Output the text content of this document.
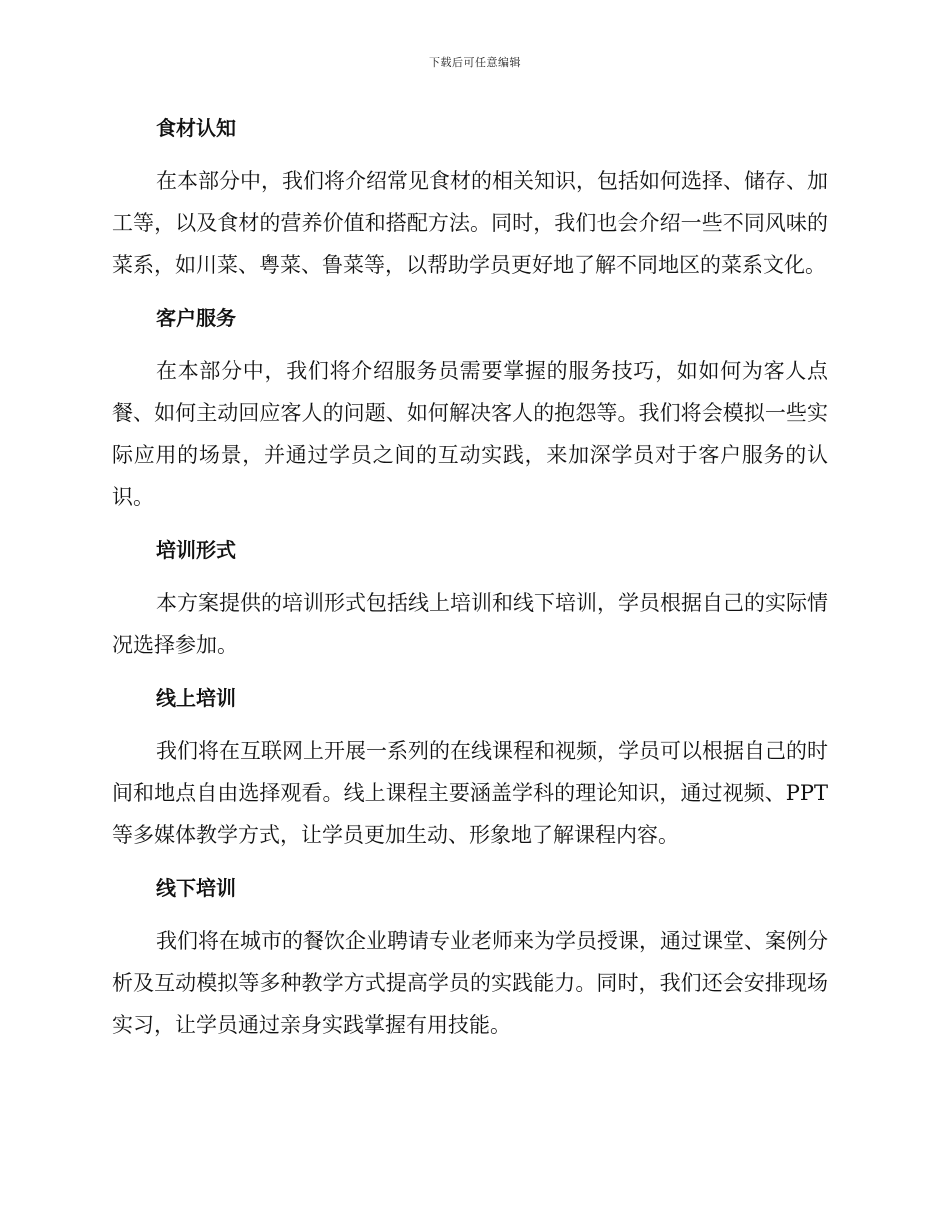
下载后可任意编辑
食材认知

在本部分中，我们将介绍常见食材的相关知识，包括如何选择、储存、加工等，以及食材的营养价值和搭配方法。同时，我们也会介绍一些不同风味的菜系，如川菜、粤菜、鲁菜等，以帮助学员更好地了解不同地区的菜系文化。

客户服务

在本部分中，我们将介绍服务员需要掌握的服务技巧，如如何为客人点餐、如何主动回应客人的问题、如何解决客人的抱怨等。我们将会模拟一些实际应用的场景，并通过学员之间的互动实践，来加深学员对于客户服务的认识。

培训形式

本方案提供的培训形式包括线上培训和线下培训，学员根据自己的实际情况选择参加。

线上培训

我们将在互联网上开展一系列的在线课程和视频，学员可以根据自己的时间和地点自由选择观看。线上课程主要涵盖学科的理论知识，通过视频、PPT等多媒体教学方式，让学员更加生动、形象地了解课程内容。

线下培训

我们将在城市的餐饮企业聘请专业老师来为学员授课，通过课堂、案例分析及互动模拟等多种教学方式提高学员的实践能力。同时，我们还会安排现场实习，让学员通过亲身实践掌握有用技能。
